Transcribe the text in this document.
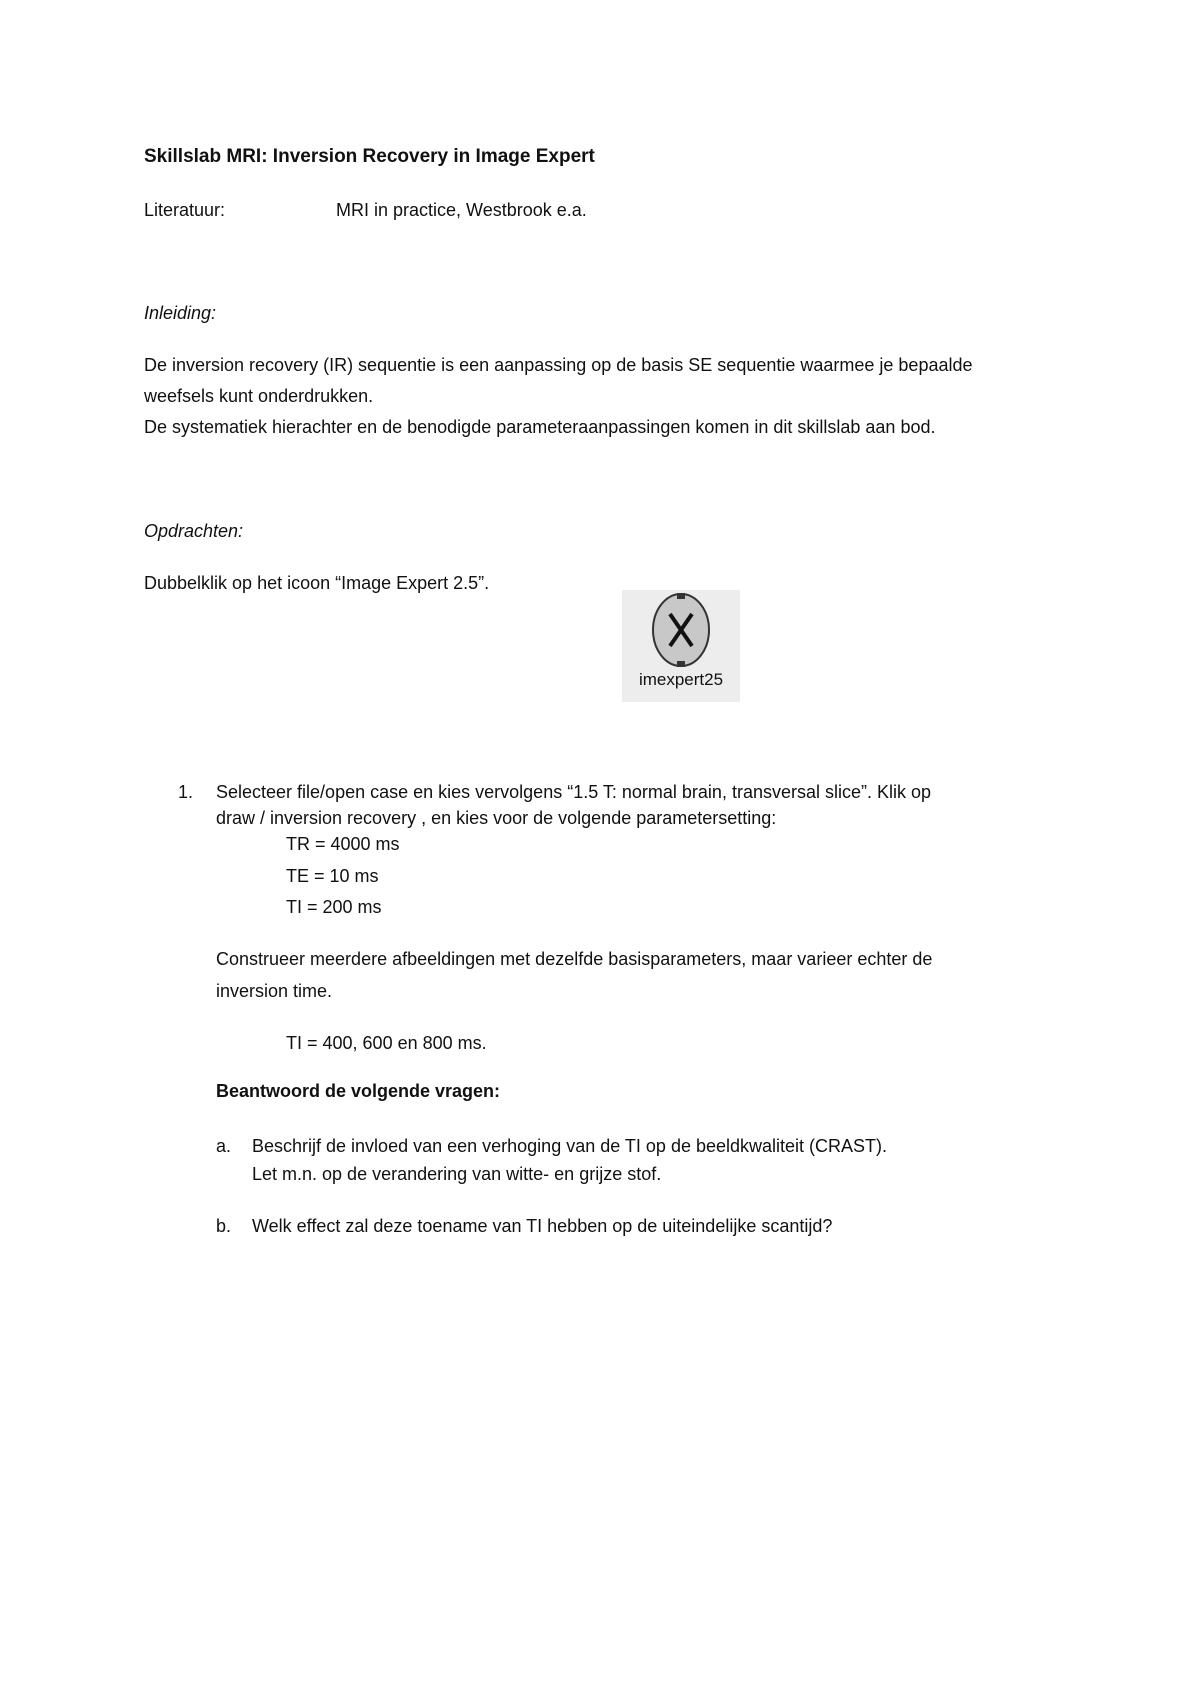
Skillslab MRI: Inversion Recovery in Image Expert
Literatuur:	MRI in practice, Westbrook e.a.
Inleiding:
De inversion recovery (IR) sequentie is een aanpassing op de basis SE sequentie waarmee je bepaalde
weefsels kunt onderdrukken.
De systematiek hierachter en de benodigde parameteraanpassingen komen in dit skillslab aan bod.
Opdrachten:
Dubbelklik op het icoon “Image Expert 2.5”.
imexpert25
1. Selecteer file/open case en kies vervolgens “1.5 T: normal brain, transversal slice”. Klik op
draw / inversion recovery , en kies voor de volgende parametersetting:
TR = 4000 ms
TE = 10 ms
TI = 200 ms
Construeer meerdere afbeeldingen met dezelfde basisparameters, maar varieer echter de
inversion time.
TI = 400, 600 en 800 ms.
Beantwoord de volgende vragen:
a. Beschrijf de invloed van een verhoging van de TI op de beeldkwaliteit (CRAST).
Let m.n. op de verandering van witte- en grijze stof.
b. Welk effect zal deze toename van TI hebben op de uiteindelijke scantijd?
